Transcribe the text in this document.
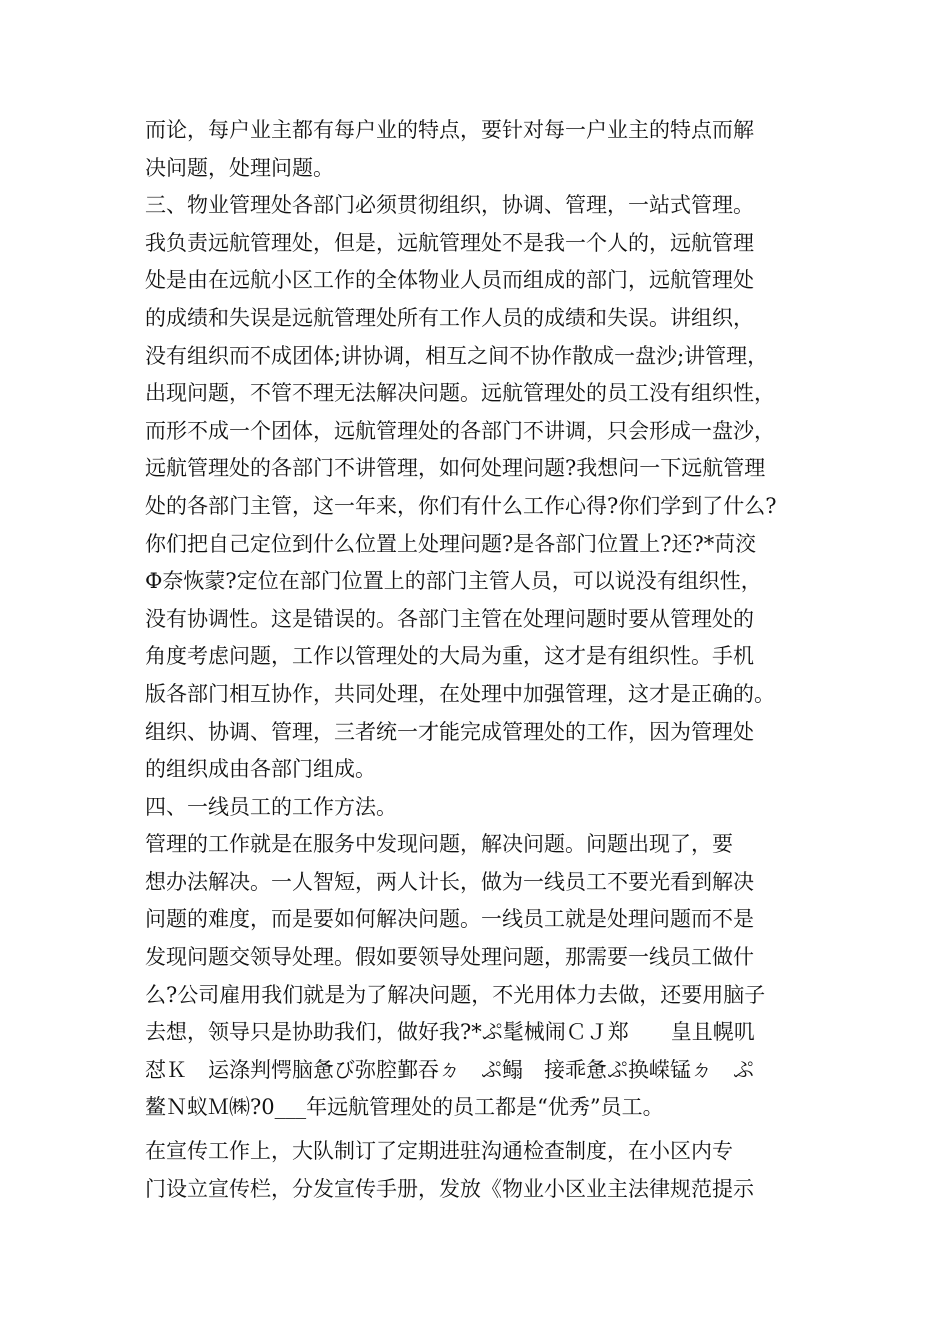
而论，每户业主都有每户业的特点，要针对每一户业主的特点而解
决问题，处理问题。
三、物业管理处各部门必须贯彻组织，协调、管理，一站式管理。
我负责远航管理处，但是，远航管理处不是我一个人的，远航管理
处是由在远航小区工作的全体物业人员而组成的部门，远航管理处
的成绩和失误是远航管理处所有工作人员的成绩和失误。讲组织，
没有组织而不成团体;讲协调，相互之间不协作散成一盘沙;讲管理，
出现问题，不管不理无法解决问题。远航管理处的员工没有组织性，
而形不成一个团体，远航管理处的各部门不讲调，只会形成一盘沙，
远航管理处的各部门不讲管理，如何处理问题?我想问一下远航管理
处的各部门主管，这一年来，你们有什么工作心得?你们学到了什么?
你们把自己定位到什么位置上处理问题?是各部门位置上?还?*苘洨
Ф奈恢蒙?定位在部门位置上的部门主管人员，可以说没有组织性，
没有协调性。这是错误的。各部门主管在处理问题时要从管理处的
角度考虑问题，工作以管理处的大局为重，这才是有组织性。手机
版各部门相互协作，共同处理，在处理中加强管理，这才是正确的。
组织、协调、管理，三者统一才能完成管理处的工作，因为管理处
的组织成由各部门组成。
四、一线员工的工作方法。
管理的工作就是在服务中发现问题，解决问题。问题出现了，要
想办法解决。一人智短，两人计长，做为一线员工不要光看到解决
问题的难度，而是要如何解决问题。一线员工就是处理问题而不是
发现问题交领导处理。假如要领导处理问题，那需要一线员工做什
么?公司雇用我们就是为了解决问题，不光用体力去做，还要用脑子
去想，领导只是协助我们，做好我?*ぷ髦械闹ＣＪ郑　　皇且幌叽
怼Ｋ　运涤判愕脑惫び弥腔鄞吞ㄉ　ぷ鳎　接乖惫ぷ换嵘锰ㄉ　ぷ
鳌Ｎ蚁Ｍ㈱?0___年远航管理处的员工都是“优秀”员工。
在宣传工作上，大队制订了定期进驻沟通检查制度，在小区内专
门设立宣传栏，分发宣传手册，发放《物业小区业主法律规范提示
